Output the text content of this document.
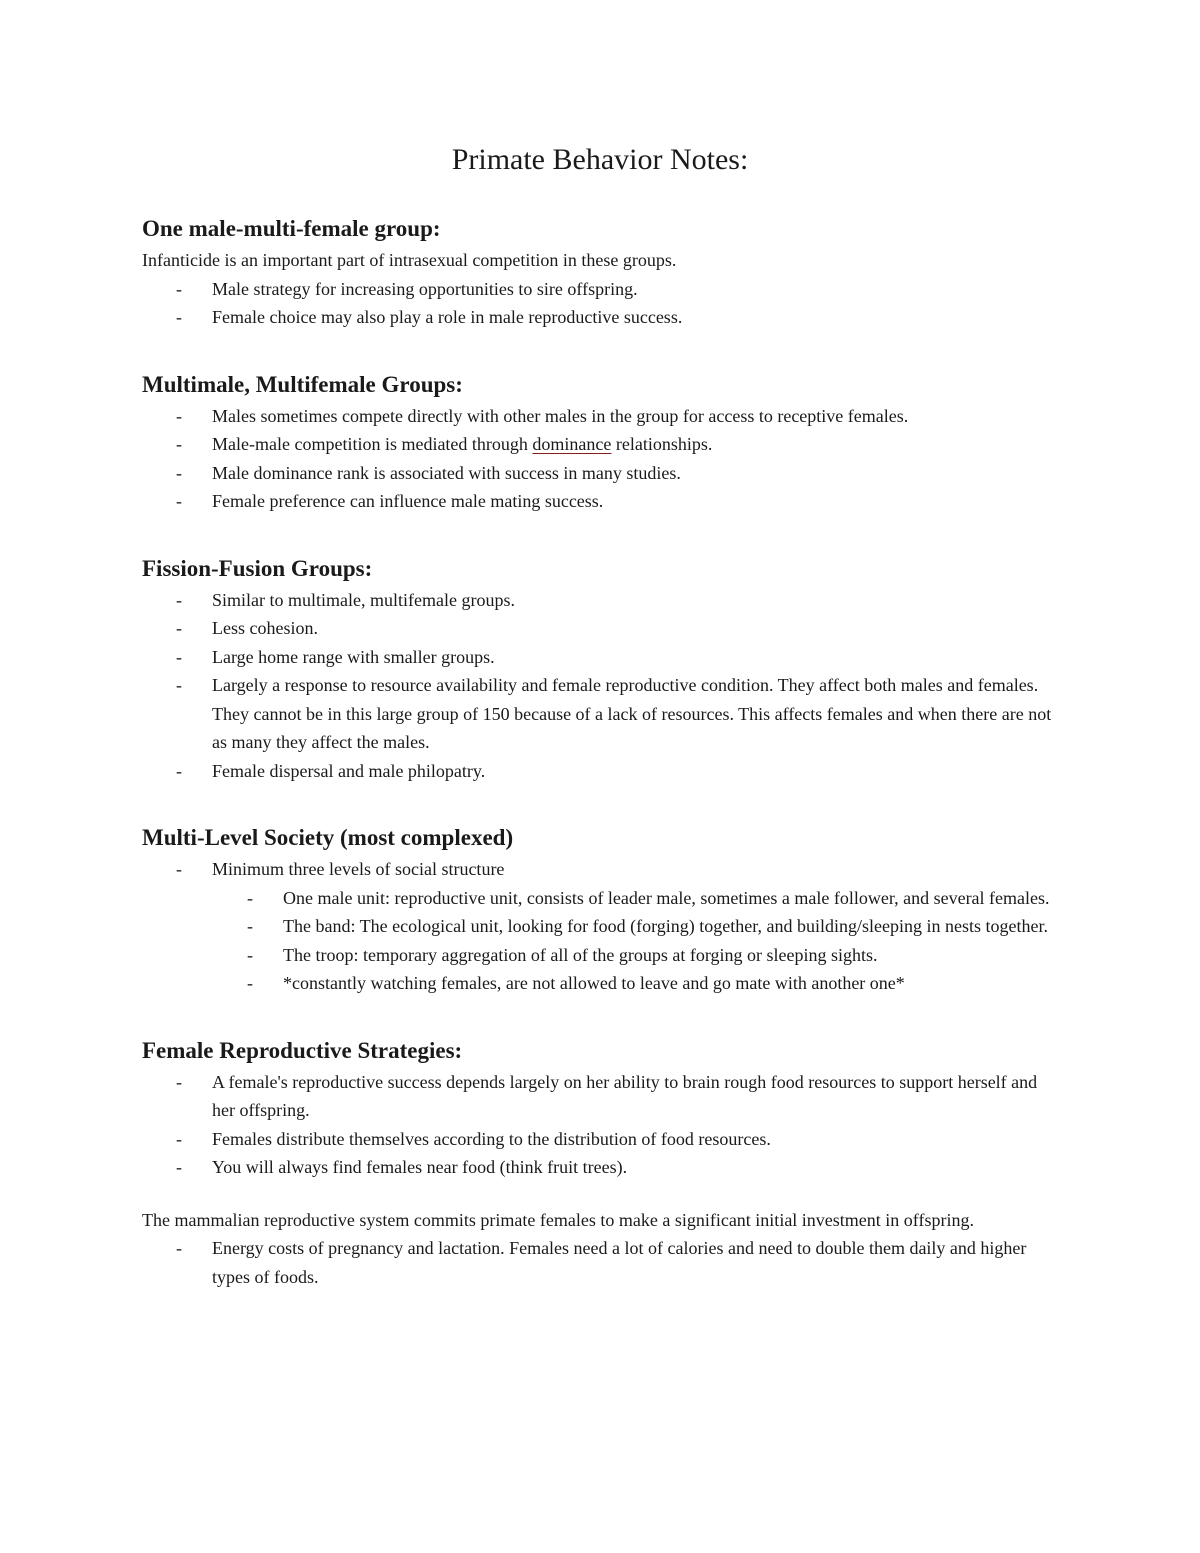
Primate Behavior Notes:
One male-multi-female group:

Infanticide is an important part of intrasexual competition in these groups.

- Male strategy for increasing opportunities to sire offspring.
- Female choice may also play a role in male reproductive success.
Multimale, Multifemale Groups:
- Males sometimes compete directly with other males in the group for access to receptive females.
- Male-male competition is mediated through dominance relationships.
- Male dominance rank is associated with success in many studies.
- Female preference can influence male mating success.
Fission-Fusion Groups:
- Similar to multimale, multifemale groups.
- Less cohesion.
- Large home range with smaller groups.
- Largely a response to resource availability and female reproductive condition. They affect both males and females. They cannot be in this large group of 150 because of a lack of resources. This affects females and when there are not as many they affect the males.
- Female dispersal and male philopatry.
Multi-Level Society (most complexed)
- Minimum three levels of social structure
- One male unit: reproductive unit, consists of leader male, sometimes a male follower, and several females.
- The band: The ecological unit, looking for food (forging) together, and building/sleeping in nests together.
- The troop: temporary aggregation of all of the groups at forging or sleeping sights.
- *constantly watching females, are not allowed to leave and go mate with another one*
Female Reproductive Strategies:
- A female's reproductive success depends largely on her ability to brain rough food resources to support herself and her offspring.
- Females distribute themselves according to the distribution of food resources.
- You will always find females near food (think fruit trees).

The mammalian reproductive system commits primate females to make a significant initial investment in offspring.

- Energy costs of pregnancy and lactation. Females need a lot of calories and need to double them daily and higher types of foods.
